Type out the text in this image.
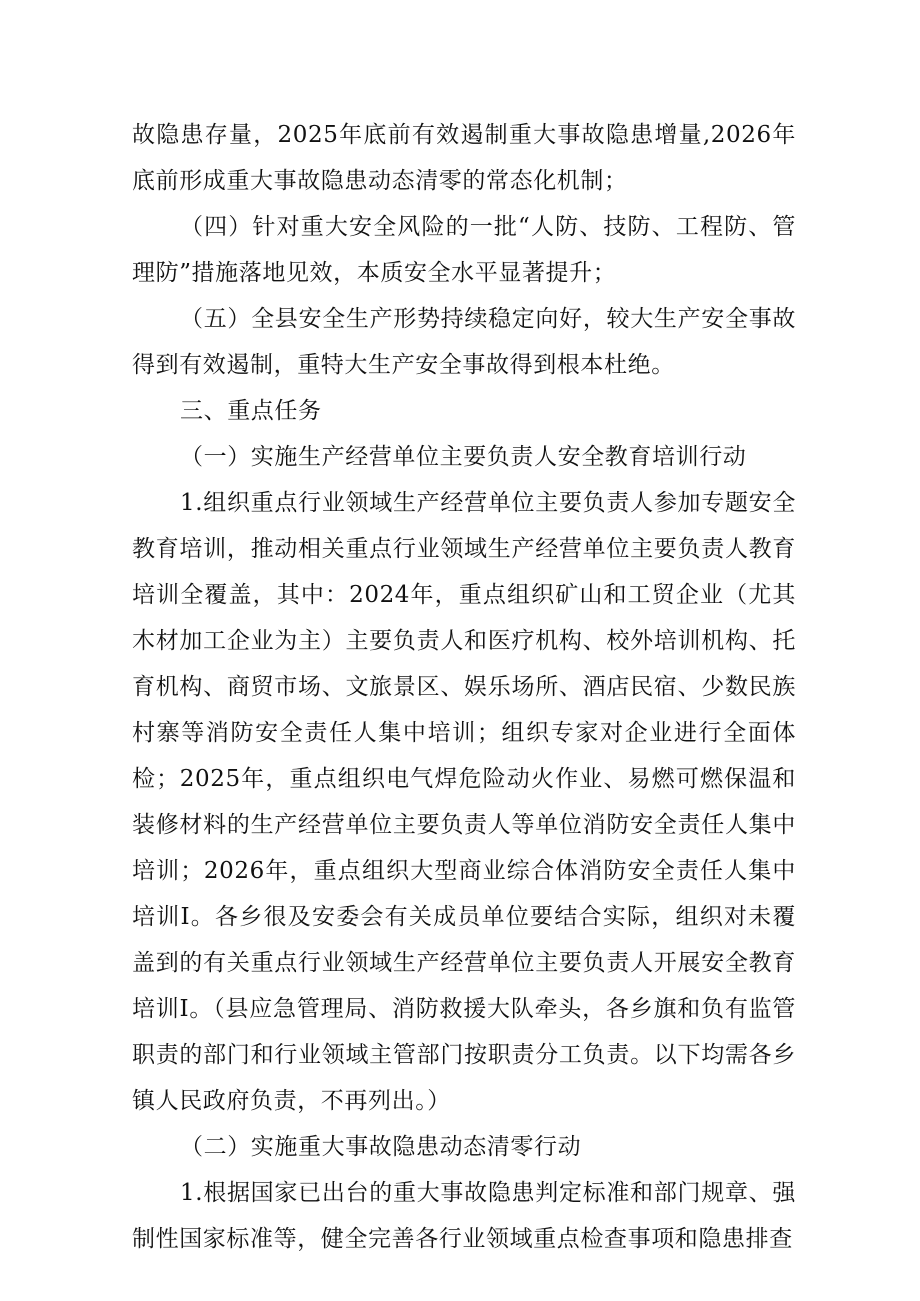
故隐患存量，2025年底前有效遏制重大事故隐患增量,2026年底前形成重大事故隐患动态清零的常态化机制；

（四）针对重大安全风险的一批“人防、技防、工程防、管理防”措施落地见效，本质安全水平显著提升；

（五）全县安全生产形势持续稳定向好，较大生产安全事故得到有效遏制，重特大生产安全事故得到根本杜绝。

三、重点任务

（一）实施生产经营单位主要负责人安全教育培训行动

1.组织重点行业领域生产经营单位主要负责人参加专题安全教育培训，推动相关重点行业领域生产经营单位主要负责人教育培训全覆盖，其中：2024年，重点组织矿山和工贸企业（尤其木材加工企业为主）主要负责人和医疗机构、校外培训机构、托育机构、商贸市场、文旅景区、娱乐场所、酒店民宿、少数民族村寨等消防安全责任人集中培训；组织专家对企业进行全面体检；2025年，重点组织电气焊危险动火作业、易燃可燃保温和装修材料的生产经营单位主要负责人等单位消防安全责任人集中培训；2026年，重点组织大型商业综合体消防安全责任人集中培训I。各乡很及安委会有关成员单位要结合实际，组织对未覆盖到的有关重点行业领域生产经营单位主要负责人开展安全教育培训I。（县应急管理局、消防救援大队牵头，各乡旗和负有监管职责的部门和行业领域主管部门按职责分工负责。以下均需各乡镇人民政府负责，不再列出。）

（二）实施重大事故隐患动态清零行动

1.根据国家已出台的重大事故隐患判定标准和部门规章、强制性国家标准等，健全完善各行业领域重点检查事项和隐患排查
